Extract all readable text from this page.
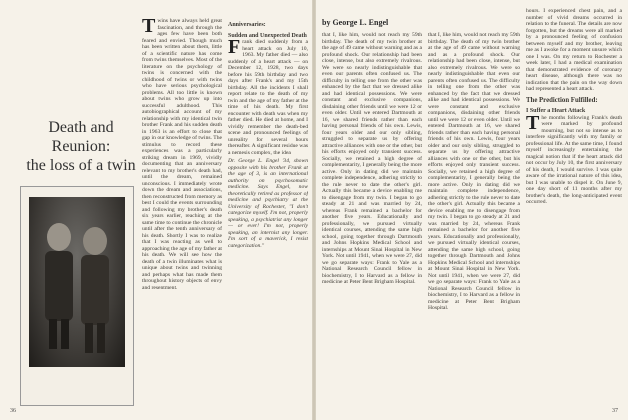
Death and Reunion:
the loss of a twin

Twins have always held great fascination, and through the ages few have been both feared and envied. Though much has been written about them, little of a scientific nature has come from twins themselves. Most of the literature on the psychology of twins is concerned with the childhood of twins or with twins who have serious psychological problems. All too little is known about twins who grow up into successful adulthood. This autobiographical account of my relationship with my identical twin brother Frank and his sudden death in 1963 is an effort to close that gap in our knowledge of twins. The stimulus to record these experiences was a particularly striking dream in 1969, vividly documenting that an anniversary relevant to my brother's death had, until the dream, remained unconscious. I immediately wrote down the dream and associations, then reconstructed from memory as best I could the events surrounding and following my brother's death six years earlier, reaching at the same time to continue the chronicle until after the tenth anniversary of his death. Shortly I was to realize that I was reacting as well to approaching the age of my father at his death. We will see how the death of a twin illuminates what is unique about twins and twinning and perhaps what has made them throughout history objects of envy and resentment.

Anniversaries:
Sudden and Unexpected Death

Frank died suddenly from a heart attack on July 10, 1963. My father died — also suddenly of a heart attack — on December 12, 1928, two days before his 59th birthday and two days after Frank's and my 15th birthday. All the incidents I shall report relate to the death of my twin and the age of my father at the time of his death. My first encounter with death was when my father died. He died at home, and I vividly remember the death-bed scene and pronounced feelings of unreality for several hours thereafter. A significant residue was a nemesis complex, the idea

Dr. George L. Engel '34, shown opposite with his brother Frank at the age of 3, is an international authority on psychosomatic medicine. Says Engel, now theoretically retired as professor of medicine and psychiatry at the University of Rochester, "I don't categorize myself. I'm not, properly speaking, a psychiatrist any longer — or ever! I'm not, properly speaking, an internist any longer. I'm sort of a maverick, I resist categorization."

36
by George L. Engel

that I, like him, would not reach my 59th birthday. The death of my twin brother at the age of 49 came without warning and as a profound shock. Our relationship had been close, intense, but also extremely rivalrous. We were so nearly indistinguishable that even our parents often confused us. The difficulty in telling one from the other was enhanced by the fact that we dressed alike and had identical possessions. We were constant and exclusive companions, disdaining other friends until we were 12 or even older. Until we entered Dartmouth at 16, we shared friends rather than each having personal friends of his own. Lewis, four years older and our only sibling, struggled to separate us by offering attractive alliances with one or the other, but his efforts enjoyed only transient success. Socially, we retained a high degree of complementarity, I generally being the more active. Only in dating did we maintain complete independence, adhering strictly to the rule never to date the other's girl. Actually this became a device enabling me to disengage from my twin. I began to go steady at 21 and was married by 24, whereas Frank remained a bachelor for another five years. Educationally and professionally, we pursued virtually identical courses, attending the same high school, going together through Dartmouth and Johns Hopkins Medical School and internships at Mount Sinai Hospital in New York. Not until 1941, when we were 27, did we go separate ways: Frank to Yale as a National Research Council fellow in biochemistry, I to Harvard as a fellow in medicine at Peter Bent Brigham Hospital.

that I, like him, would not reach my 59th birthday. The death of my twin brother at the age of 49 came without warning and as a profound shock. Our relationship had been close, intense, but also extremely rivalrous. We were so nearly indistinguishable that even our parents often confused us. The difficulty in telling one from the other was enhanced by the fact that we dressed alike and had identical possessions. We were constant and exclusive companions, disdaining other friends until we were 12 or even older. Until we entered Dartmouth at 16, we shared friends rather than each having personal friends of his own. Lewis, four years older and our only sibling, struggled to separate us by offering attractive alliances with one or the other, but his efforts enjoyed only transient success. Socially, we retained a high degree of complementarity, I generally being the more active. Only in dating did we maintain complete independence, adhering strictly to the rule never to date the other's girl. Actually this became a device enabling me to disengage from my twin. I began to go steady at 21 and was married by 24, whereas Frank remained a bachelor for another five years. Educationally and professionally, we pursued virtually identical courses, attending the same high school, going together through Dartmouth and Johns Hopkins Medical School and internships at Mount Sinai Hospital in New York. Not until 1941, when we were 27, did we go separate ways: Frank to Yale as a National Research Council fellow in biochemistry, I to Harvard as a fellow in medicine at Peter Bent Brigham Hospital.

hours. I experienced chest pain, and a number of vivid dreams occurred in relation to the funeral. The details are now forgotten, but the dreams were all marked by a pronounced feeling of confusion between myself and my brother, leaving me as I awoke for a moment unsure which one I was. On my return to Rochester a week later, I had a medical examination that demonstrated evidence of coronary heart disease, although there was no indication that the pain on the way down had represented a heart attack.

The Prediction Fulfilled:
I Suffer a Heart Attack

The months following Frank's death were marked by profound mourning, but not so intense as to interfere significantly with my family or professional life. At the same time, I found myself increasingly entertaining the magical notion that if the heart attack did not occur by July 10, the first anniversary of his death, I would survive. I was quite aware of the irrational nature of this idea, but I was unable to dispel it. On June 9, one day short of 11 months after my brother's death, the long-anticipated event occurred.

37
